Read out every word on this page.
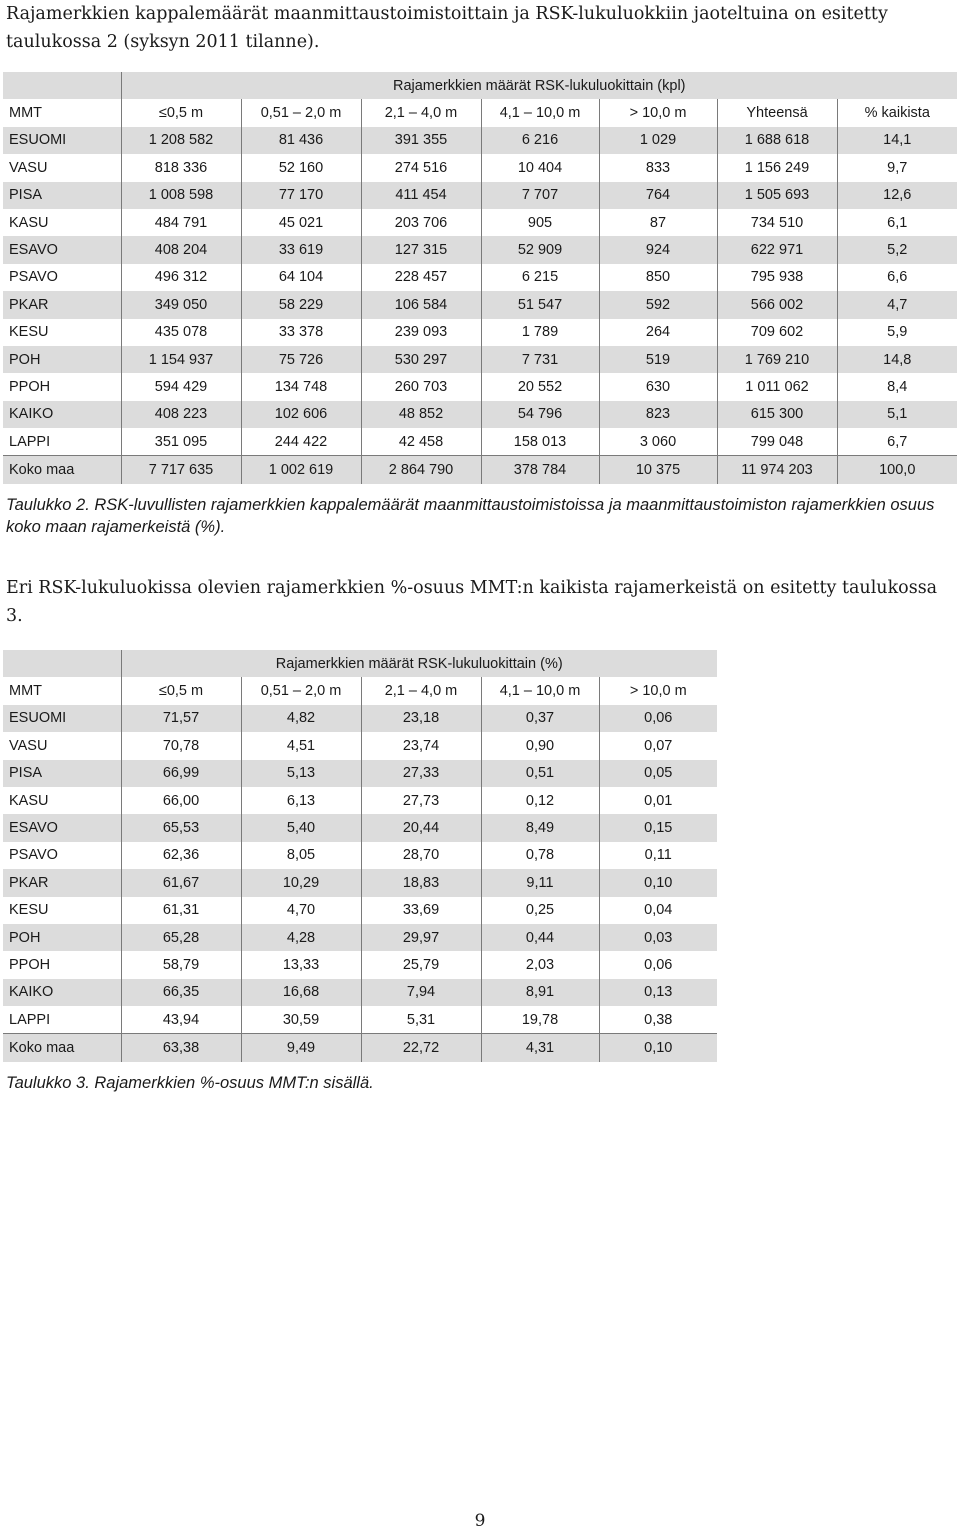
Rajamerkkien kappalemäärät maanmittaustoimistoittain ja RSK-lukuluokkiin jaoteltuina on esitetty taulukossa 2 (syksyn 2011 tilanne).

	Rajamerkkien määrät RSK-lukuluokittain (kpl)						
MMT	≤0,5 m	0,51 – 2,0 m	2,1 – 4,0 m	4,1 – 10,0 m	> 10,0 m	Yhteensä	% kaikista
ESUOMI	1 208 582	81 436	391 355	6 216	1 029	1 688 618	14,1
VASU	818 336	52 160	274 516	10 404	833	1 156 249	9,7
PISA	1 008 598	77 170	411 454	7 707	764	1 505 693	12,6
KASU	484 791	45 021	203 706	905	87	734 510	6,1
ESAVO	408 204	33 619	127 315	52 909	924	622 971	5,2
PSAVO	496 312	64 104	228 457	6 215	850	795 938	6,6
PKAR	349 050	58 229	106 584	51 547	592	566 002	4,7
KESU	435 078	33 378	239 093	1 789	264	709 602	5,9
POH	1 154 937	75 726	530 297	7 731	519	1 769 210	14,8
PPOH	594 429	134 748	260 703	20 552	630	1 011 062	8,4
KAIKO	408 223	102 606	48 852	54 796	823	615 300	5,1
LAPPI	351 095	244 422	42 458	158 013	3 060	799 048	6,7
Koko maa	7 717 635	1 002 619	2 864 790	378 784	10 375	11 974 203	100,0

Taulukko 2. RSK-luvullisten rajamerkkien kappalemäärät maanmittaustoimistoissa ja maanmittaustoimiston rajamerkkien osuus koko maan rajamerkeistä (%).

Eri RSK-lukuluokissa olevien rajamerkkien %-osuus MMT:n kaikista rajamerkeistä on esitetty taulukossa 3.

	Rajamerkkien määrät RSK-lukuluokittain (%)				
MMT	≤0,5 m	0,51 – 2,0 m	2,1 – 4,0 m	4,1 – 10,0 m	> 10,0 m
ESUOMI	71,57	4,82	23,18	0,37	0,06
VASU	70,78	4,51	23,74	0,90	0,07
PISA	66,99	5,13	27,33	0,51	0,05
KASU	66,00	6,13	27,73	0,12	0,01
ESAVO	65,53	5,40	20,44	8,49	0,15
PSAVO	62,36	8,05	28,70	0,78	0,11
PKAR	61,67	10,29	18,83	9,11	0,10
KESU	61,31	4,70	33,69	0,25	0,04
POH	65,28	4,28	29,97	0,44	0,03
PPOH	58,79	13,33	25,79	2,03	0,06
KAIKO	66,35	16,68	7,94	8,91	0,13
LAPPI	43,94	30,59	5,31	19,78	0,38
Koko maa	63,38	9,49	22,72	4,31	0,10

Taulukko 3. Rajamerkkien %-osuus MMT:n sisällä.

9
